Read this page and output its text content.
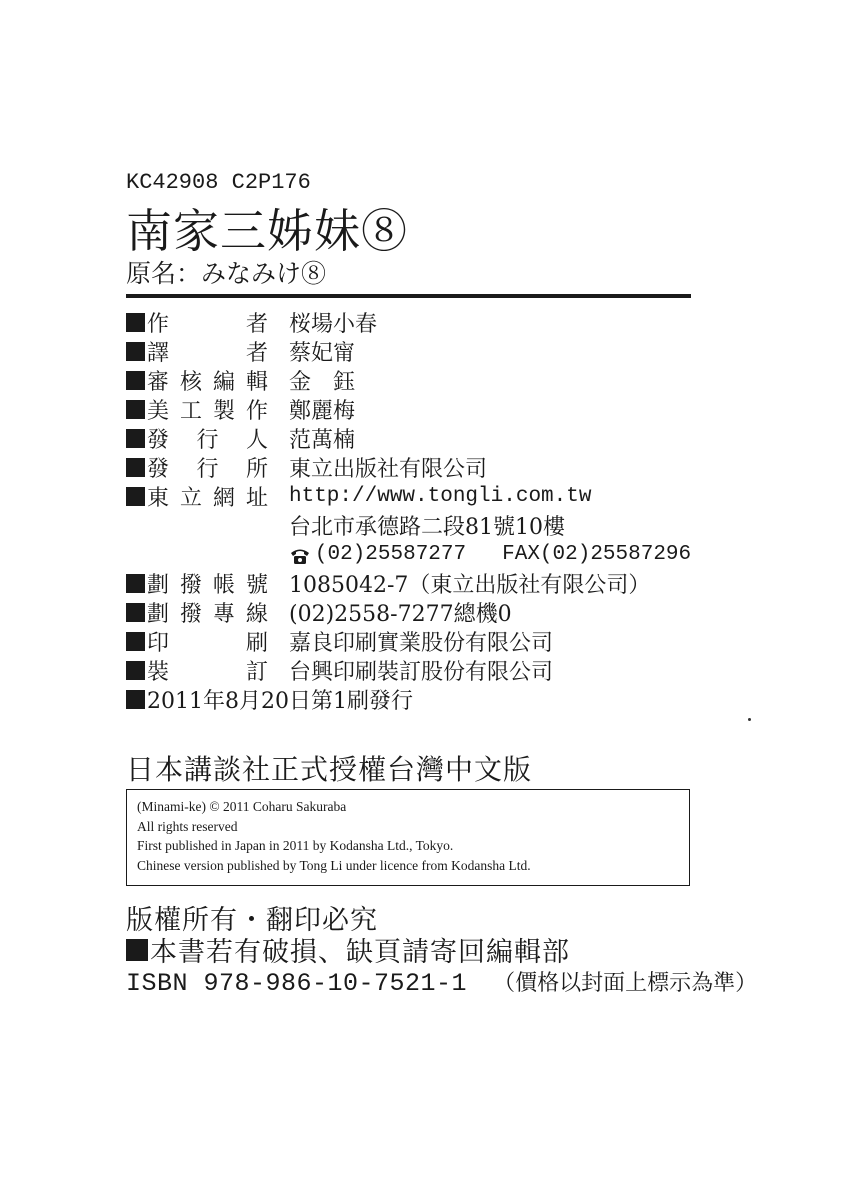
KC42908 C2P176
南家三姊妹⑧
原名：みなみけ⑧
作	者 桜場小春
譯	者 蔡妃甯
審 核 編 輯 金　鈺
美 工 製 作 鄭麗梅
發 行 人 范萬楠
發 行 所 東立出版社有限公司
東 立 網 址 http://www.tongli.com.tw
台北市承德路二段81號10樓
(02)25587277 FAX(02)25587296
劃 撥 帳 號 1085042-7（東立出版社有限公司）
劃 撥 專 線 (02)2558-7277總機0
印	刷 嘉良印刷實業股份有限公司
裝	訂 台興印刷裝訂股份有限公司
2011年8月20日第1刷發行
日本講談社正式授權台灣中文版
(Minami-ke) © 2011 Coharu Sakuraba
All rights reserved
First published in Japan in 2011 by Kodansha Ltd., Tokyo.
Chinese version published by Tong Li under licence from Kodansha Ltd.
版權所有・翻印必究
本書若有破損、缺頁請寄回編輯部
ISBN 978-986-10-7521-1 （價格以封面上標示為準）
